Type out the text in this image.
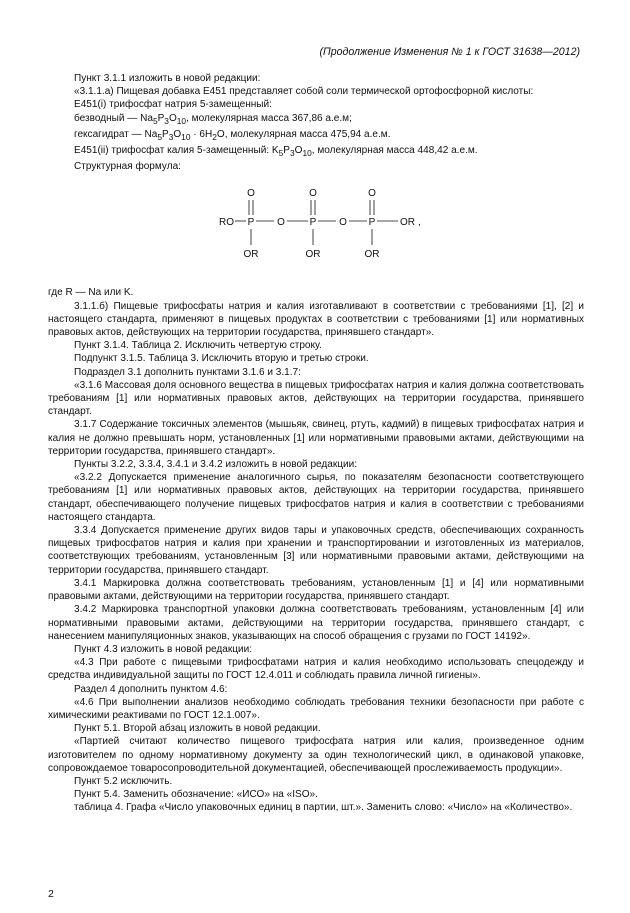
(Продолжение Изменения № 1 к ГОСТ 31638—2012)

Пункт 3.1.1 изложить в новой редакции:

«3.1.1.а) Пищевая добавка E451 представляет собой соли термической ортофосфорной кислоты:

E451(i) трифосфат натрия 5-замещенный:

безводный — $Na_5P_3O_{10}$, молекулярная масса 367,86 а.е.м;

гексагидрат — $Na_5P_3O_{10} \cdot 6H_2O$, молекулярная масса 475,94 а.е.м.

E451(ii) трифосфат калия 5-замещенный: $K_5P_3O_{10}$, молекулярная масса 448,42 а.е.м.

Структурная формула:

O	O	O
RO P O P O P OR ,
OR	OR	OR

где R — Na или K.

3.1.1.б) Пищевые трифосфаты натрия и калия изготавливают в соответствии с требованиями [1], [2] и настоящего стандарта, применяют в пищевых продуктах в соответствии с требованиями [1] или нормативных правовых актов, действующих на территории государства, принявшего стандарт».

Пункт 3.1.4. Таблица 2. Исключить четвертую строку.

Подпункт 3.1.5. Таблица 3. Исключить вторую и третью строки.

Подраздел 3.1 дополнить пунктами 3.1.6 и 3.1.7:

«3.1.6 Массовая доля основного вещества в пищевых трифосфатах натрия и калия должна соответствовать требованиям [1] или нормативных правовых актов, действующих на территории государства, принявшего стандарт.

3.1.7 Содержание токсичных элементов (мышьяк, свинец, ртуть, кадмий) в пищевых трифосфатах натрия и калия не должно превышать норм, установленных [1] или нормативными правовыми актами, действующими на территории государства, принявшего стандарт».

Пункты 3.2.2, 3.3.4, 3.4.1 и 3.4.2 изложить в новой редакции:

«3.2.2 Допускается применение аналогичного сырья, по показателям безопасности соответствующего требованиям [1] или нормативных правовых актов, действующих на территории государства, принявшего стандарт, обеспечивающего получение пищевых трифосфатов натрия и калия в соответствии с требованиями настоящего стандарта.

3.3.4 Допускается применение других видов тары и упаковочных средств, обеспечивающих сохранность пищевых трифосфатов натрия и калия при хранении и транспортировании и изготовленных из материалов, соответствующих требованиям, установленным [3] или нормативными правовыми актами, действующими на территории государства, принявшего стандарт.

3.4.1 Маркировка должна соответствовать требованиям, установленным [1] и [4] или нормативными правовыми актами, действующими на территории государства, принявшего стандарт.

3.4.2 Маркировка транспортной упаковки должна соответствовать требованиям, установленным [4] или нормативными правовыми актами, действующими на территории государства, принявшего стандарт, с нанесением манипуляционных знаков, указывающих на способ обращения с грузами по ГОСТ 14192».

Пункт 4.3 изложить в новой редакции:

«4.3 При работе с пищевыми трифосфатами натрия и калия необходимо использовать спецодежду и средства индивидуальной защиты по ГОСТ 12.4.011 и соблюдать правила личной гигиены».

Раздел 4 дополнить пунктом 4.6:

«4.6 При выполнении анализов необходимо соблюдать требования техники безопасности при работе с химическими реактивами по ГОСТ 12.1.007».

Пункт 5.1. Второй абзац изложить в новой редакции.

«Партией считают количество пищевого трифосфата натрия или калия, произведенное одним изготовителем по одному нормативному документу за один технологический цикл, в одинаковой упаковке, сопровождаемое товаросопроводительной документацией, обеспечивающей прослеживаемость продукции».

Пункт 5.2 исключить.

Пункт 5.4. Заменить обозначение: «ИСО» на «ISO».

таблица 4. Графа «Число упаковочных единиц в партии, шт.». Заменить слово: «Число» на «Количество».

2
